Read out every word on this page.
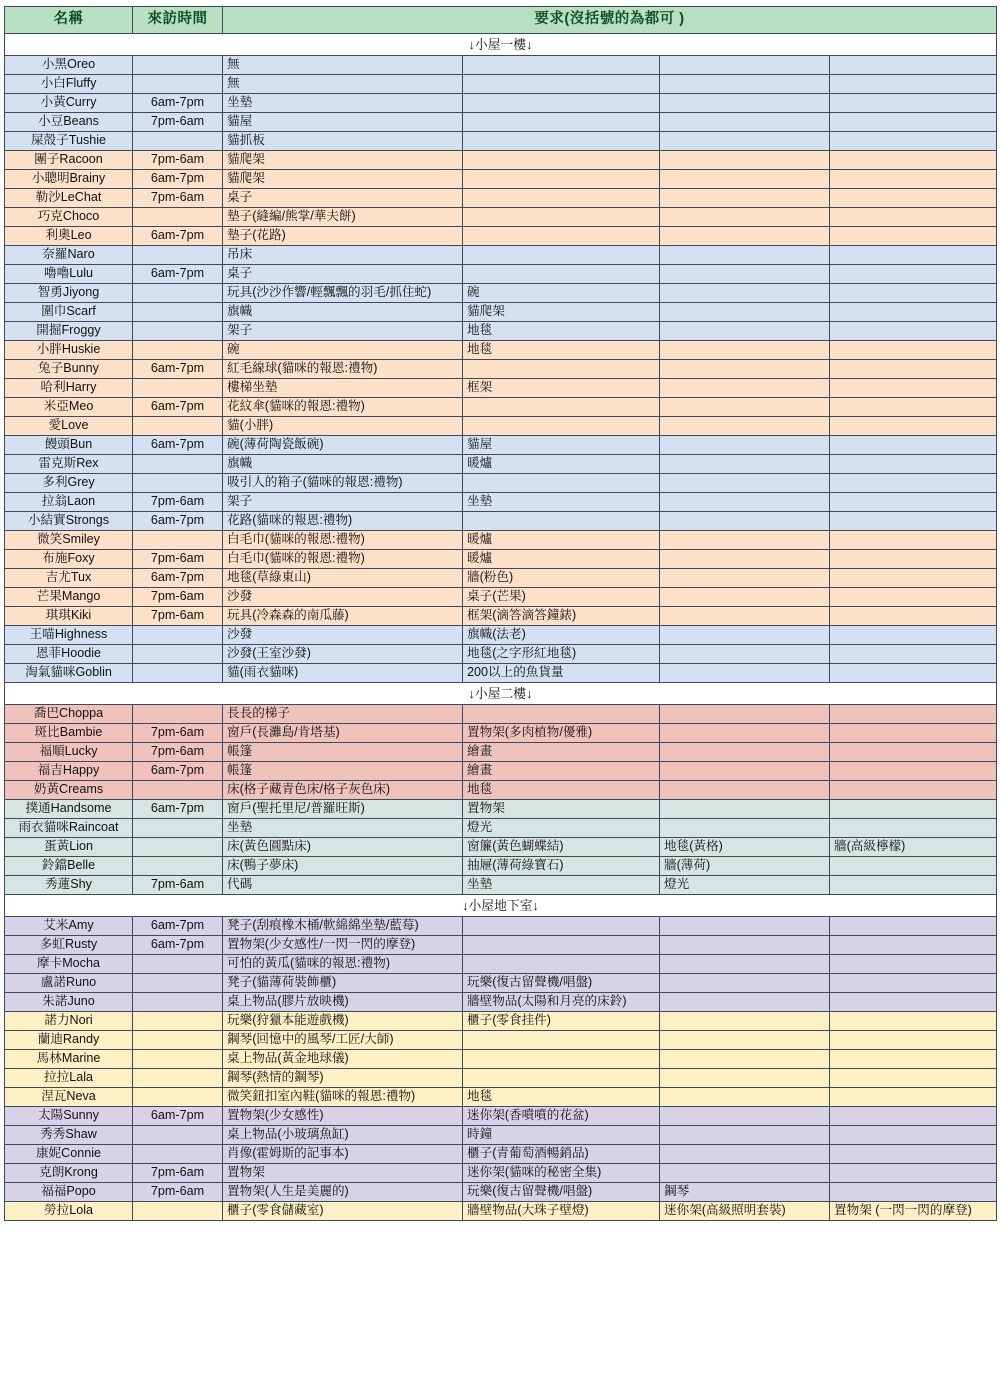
名稱	來訪時間	要求(沒括號的為都可 )			
↓小屋一樓↓					
小黑Oreo		無			
小白Fluffy		無			
小黃Curry	6am-7pm	坐墊			
小豆Beans	7pm-6am	貓屋			
屎殼子Tushie		貓抓板			
團子Racoon	7pm-6am	貓爬架			
小聰明Brainy	6am-7pm	貓爬架			
勒沙LeChat	7pm-6am	桌子			
巧克Choco		墊子(縫編/熊掌/華夫餅)			
利奧Leo	6am-7pm	墊子(花路)			
奈羅Naro		吊床			
嚕嚕Lulu	6am-7pm	桌子			
智勇Jiyong		玩具(沙沙作響/輕飄飄的羽毛/抓住蛇)	碗		
圍巾Scarf		旗幟	貓爬架		
開掘Froggy		架子	地毯		
小胖Huskie		碗	地毯		
兔子Bunny	6am-7pm	紅毛線球(貓咪的報恩:禮物)			
哈利Harry		樓梯坐墊	框架		
米亞Meo	6am-7pm	花紋傘(貓咪的報恩:禮物)			
愛Love		貓(小胖)			
饅頭Bun	6am-7pm	碗(薄荷陶瓷飯碗)	貓屋		
雷克斯Rex		旗幟	暖爐		
多利Grey		吸引人的箱子(貓咪的報恩:禮物)			
拉翁Laon	7pm-6am	架子	坐墊		
小結實Strongs	6am-7pm	花路(貓咪的報恩:禮物)			
微笑Smiley		白毛巾(貓咪的報恩:禮物)	暖爐		
布施Foxy	7pm-6am	白毛巾(貓咪的報恩:禮物)	暖爐		
吉尤Tux	6am-7pm	地毯(草綠東山)	牆(粉色)		
芒果Mango	7pm-6am	沙發	桌子(芒果)		
琪琪Kiki	7pm-6am	玩具(冷森森的南瓜藤)	框架(滴答滴答鐘錶)		
王喵Highness		沙發	旗幟(法老)		
恩菲Hoodie		沙發(王室沙發)	地毯(之字形紅地毯)		
淘氣貓咪Goblin		貓(雨衣貓咪)	200以上的魚貨量		
↓小屋二樓↓					
喬巴Choppa		長長的梯子			
斑比Bambie	7pm-6am	窗戶(長灘島/肯塔基)	置物架(多肉植物/優雅)		
福順Lucky	7pm-6am	帳篷	繪畫		
福吉Happy	6am-7pm	帳篷	繪畫		
奶黃Creams		床(格子藏青色床/格子灰色床)	地毯		
撲通Handsome	6am-7pm	窗戶(聖托里尼/普羅旺斯)	置物架		
雨衣貓咪Raincoat		坐墊	燈光		
蛋黃Lion		床(黃色圓點床)	窗簾(黃色蝴蝶結)	地毯(黃格)	牆(高級檸檬)
鈴鐺Belle		床(鴨子夢床)	抽屜(薄荷綠寶石)	牆(薄荷)	
秀蓮Shy	7pm-6am	代碼	坐墊	燈光	
↓小屋地下室↓					
艾米Amy	6am-7pm	凳子(刮痕橡木桶/軟綿綿坐墊/藍莓)			
多虹Rusty	6am-7pm	置物架(少女感性/一閃一閃的摩登)			
摩卡Mocha		可怕的黃瓜(貓咪的報恩:禮物)			
盧諾Runo		凳子(貓薄荷裝飾櫃)	玩樂(復古留聲機/唱盤)		
朱諾Juno		桌上物品(膠片放映機)	牆壁物品(太陽和月亮的床鈴)		
諾力Nori		玩樂(狩獵本能遊戲機)	櫃子(零食挂件)		
蘭迪Randy		鋼琴(回憶中的風琴/工匠/大師)			
馬林Marine		桌上物品(黃金地球儀)			
拉拉Lala		鋼琴(熱情的鋼琴)			
涅瓦Neva		微笑鈕扣室內鞋(貓咪的報恩:禮物)	地毯		
太陽Sunny	6am-7pm	置物架(少女感性)	迷你架(香噴噴的花盆)		
秀秀Shaw		桌上物品(小玻璃魚缸)	時鐘		
康妮Connie		肖像(霍姆斯的記事本)	櫃子(青葡萄酒暢銷品)		
克朗Krong	7pm-6am	置物架	迷你架(貓咪的秘密全集)		
福福Popo	7pm-6am	置物架(人生是美麗的)	玩樂(復古留聲機/唱盤)	鋼琴	
勞拉Lola		櫃子(零食儲藏室)	牆壁物品(大珠子壁燈)	迷你架(高級照明套裝)	置物架 (一閃一閃的摩登)
